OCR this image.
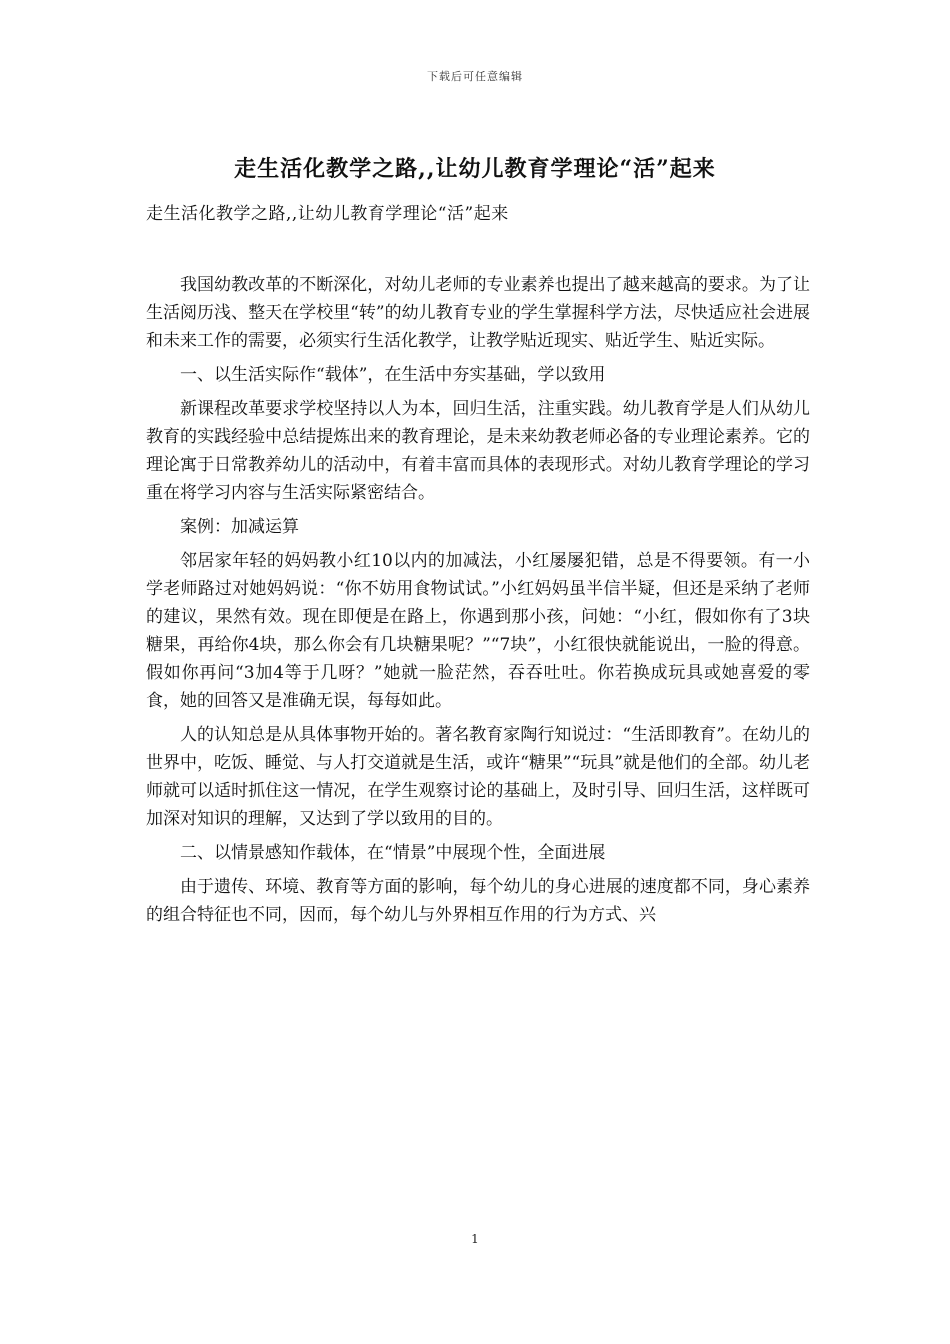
下载后可任意编辑
走生活化教学之路,,让幼儿教育学理论“活”起来

走生活化教学之路,,让幼儿教育学理论“活”起来

我国幼教改革的不断深化，对幼儿老师的专业素养也提出了越来越高的要求。为了让生活阅历浅、整天在学校里“转”的幼儿教育专业的学生掌握科学方法，尽快适应社会进展和未来工作的需要，必须实行生活化教学，让教学贴近现实、贴近学生、贴近实际。

一、以生活实际作“载体”，在生活中夯实基础，学以致用

新课程改革要求学校坚持以人为本，回归生活，注重实践。幼儿教育学是人们从幼儿教育的实践经验中总结提炼出来的教育理论，是未来幼教老师必备的专业理论素养。它的理论寓于日常教养幼儿的活动中，有着丰富而具体的表现形式。对幼儿教育学理论的学习重在将学习内容与生活实际紧密结合。

案例：加减运算

邻居家年轻的妈妈教小红10以内的加减法，小红屡屡犯错，总是不得要领。有一小学老师路过对她妈妈说：“你不妨用食物试试。”小红妈妈虽半信半疑，但还是采纳了老师的建议，果然有效。现在即便是在路上，你遇到那小孩，问她：“小红，假如你有了3块糖果，再给你4块，那么你会有几块糖果呢？”“7块”，小红很快就能说出，一脸的得意。假如你再问“3加4等于几呀？”她就一脸茫然，吞吞吐吐。你若换成玩具或她喜爱的零食，她的回答又是准确无误，每每如此。

人的认知总是从具体事物开始的。著名教育家陶行知说过：“生活即教育”。在幼儿的世界中，吃饭、睡觉、与人打交道就是生活，或许“糖果”“玩具”就是他们的全部。幼儿老师就可以适时抓住这一情况，在学生观察讨论的基础上，及时引导、回归生活，这样既可加深对知识的理解，又达到了学以致用的目的。

二、以情景感知作载体，在“情景”中展现个性，全面进展

由于遗传、环境、教育等方面的影响，每个幼儿的身心进展的速度都不同，身心素养的组合特征也不同，因而，每个幼儿与外界相互作用的行为方式、兴

1
